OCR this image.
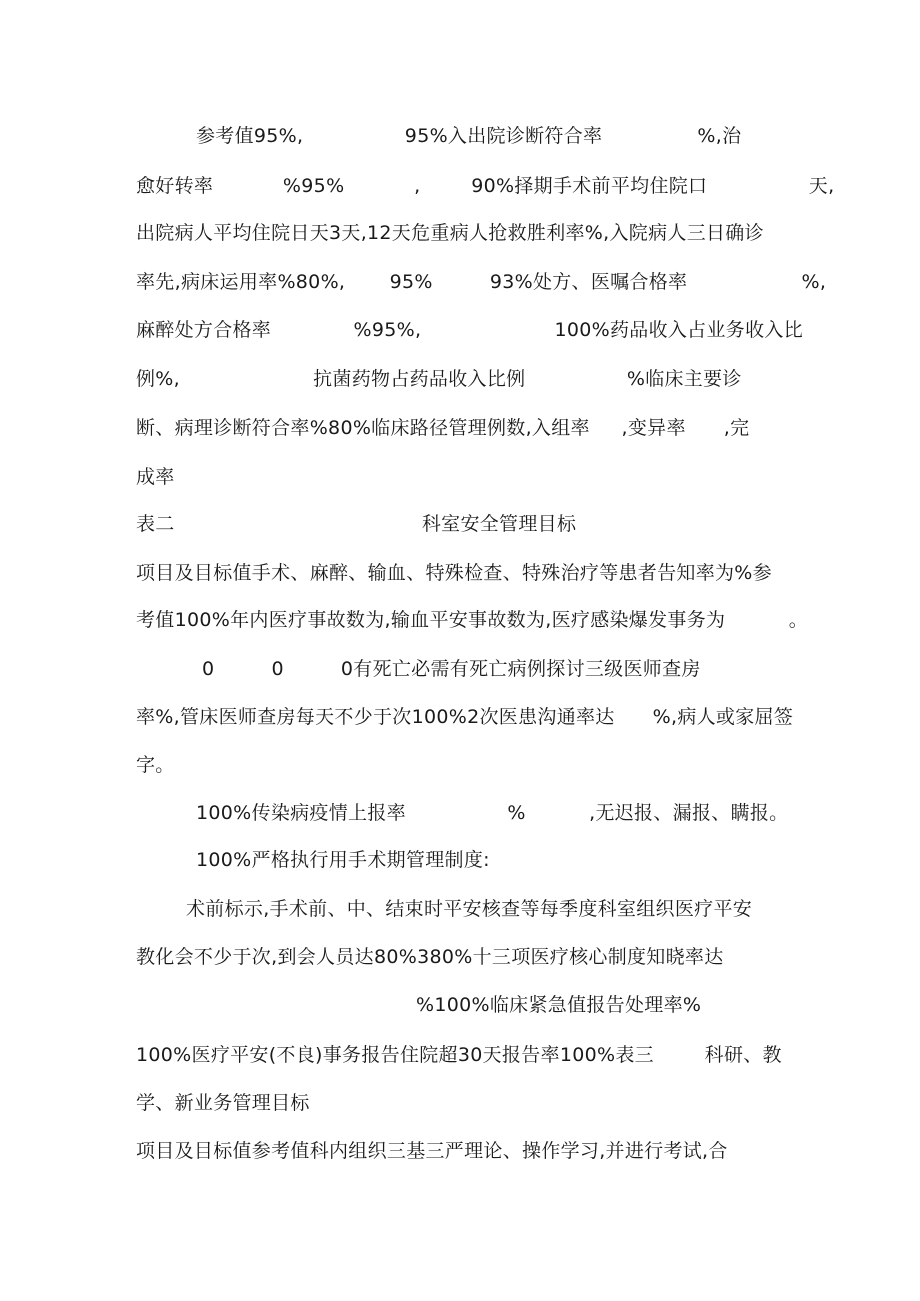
参考值95%,                95%入出院诊断符合率               %,治
愈好转率           %95%           ,        90%择期手术前平均住院口                天,
出院病人平均住院日天3天,12天危重病人抢救胜利率%,入院病人三日确诊
率先,病床运用率%80%,       95%         93%处方、医嘱合格率                  %,
麻醉处方合格率             %95%,                     100%药品收入占业务收入比
例%,                     抗菌药物占药品收入比例                %临床主要诊
断、病理诊断符合率%80%临床路径管理例数,入组率     ,变异率      ,完
成率
表二                                       科室安全管理目标
项目及目标值手术、麻醉、输血、特殊检查、特殊治疗等患者告知率为%参
考值100%年内医疗事故数为,输血平安事故数为,医疗感染爆发事务为          。
0         0         0有死亡必需有死亡病例探讨三级医师查房
率%,管床医师查房每天不少于次100%2次医患沟通率达      %,病人或家屈签
字。
100%传染病疫情上报率                %          ,无迟报、漏报、瞒报。
100%严格执行用手术期管理制度:
术前标示,手术前、中、结束时平安核查等每季度科室组织医疗平安
教化会不少于次,到会人员达80%380%十三项医疗核心制度知晓率达
%100%临床紧急值报告处理率%
100%医疗平安(不良)事务报告住院超30天报告率100%表三        科研、教
学、新业务管理目标
项目及目标值参考值科内组织三基三严理论、操作学习,并进行考试,合
